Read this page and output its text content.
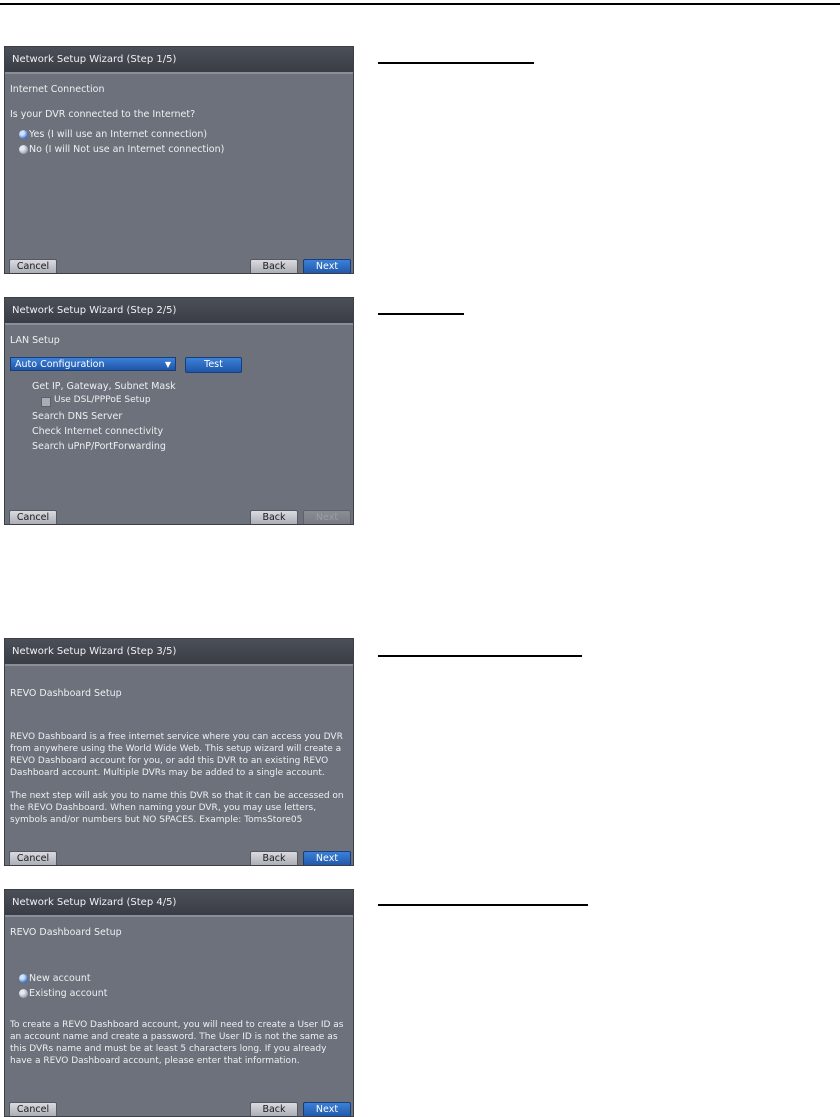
Network Setup Wizard (Step 1/5)
Internet Connection
Is your DVR connected to the Internet?
Yes (I will use an Internet connection)
No (I will Not use an Internet connection)
Cancel	Back	Next
Network Setup Wizard (Step 2/5)
LAN Setup
Auto Configuration	▼	Test
Get IP, Gateway, Subnet Mask
Use DSL/PPPoE Setup
Search DNS Server
Check Internet connectivity
Search uPnP/PortForwarding
Cancel	Back	Next
Network Setup Wizard (Step 3/5)
REVO Dashboard Setup
REVO Dashboard is a free internet service where you can access you DVR from anywhere using the World Wide Web. This setup wizard will create a REVO Dashboard account for you, or add this DVR to an existing REVO Dashboard account. Multiple DVRs may be added to a single account.
The next step will ask you to name this DVR so that it can be accessed on the REVO Dashboard. When naming your DVR, you may use letters, symbols and/or numbers but NO SPACES. Example: TomsStore05
Cancel	Back	Next
Network Setup Wizard (Step 4/5)
REVO Dashboard Setup
New account
Existing account
To create a REVO Dashboard account, you will need to create a User ID as an account name and create a password. The User ID is not the same as this DVRs name and must be at least 5 characters long. If you already have a REVO Dashboard account, please enter that information.
Cancel	Back	Next
